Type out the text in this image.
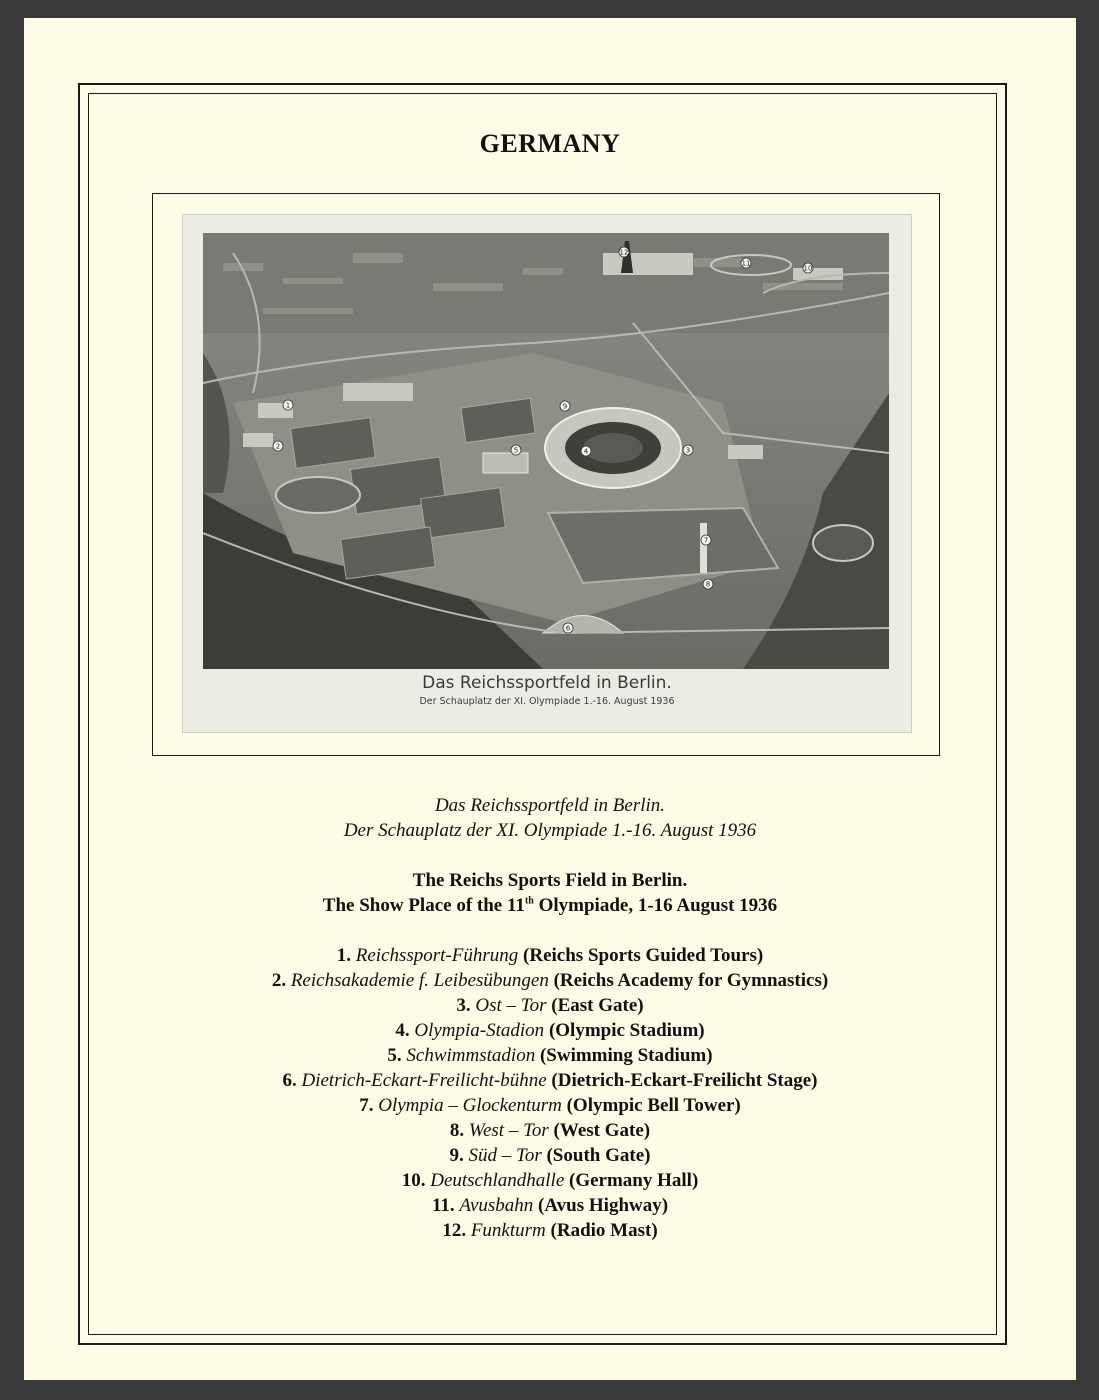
GERMANY
1
2	3
4
5
6
7
8
9
10
11
12
Das Reichssportfeld in Berlin.
Der Schauplatz der XI. Olympiade 1.-16. August 1936
Das Reichssportfeld in Berlin.
Der Schauplatz der XI. Olympiade 1.-16. August 1936
The Reichs Sports Field in Berlin.
The Show Place of the 11th Olympiade, 1-16 August 1936
1. Reichssport-Führung (Reichs Sports Guided Tours)
2. Reichsakademie f. Leibesübungen (Reichs Academy for Gymnastics)
3. Ost – Tor (East Gate)
4. Olympia-Stadion (Olympic Stadium)
5. Schwimmstadion (Swimming Stadium)
6. Dietrich-Eckart-Freilicht-bühne (Dietrich-Eckart-Freilicht Stage)
7. Olympia – Glockenturm (Olympic Bell Tower)
8. West – Tor (West Gate)
9. Süd – Tor (South Gate)
10. Deutschlandhalle (Germany Hall)
11. Avusbahn (Avus Highway)
12. Funkturm (Radio Mast)
